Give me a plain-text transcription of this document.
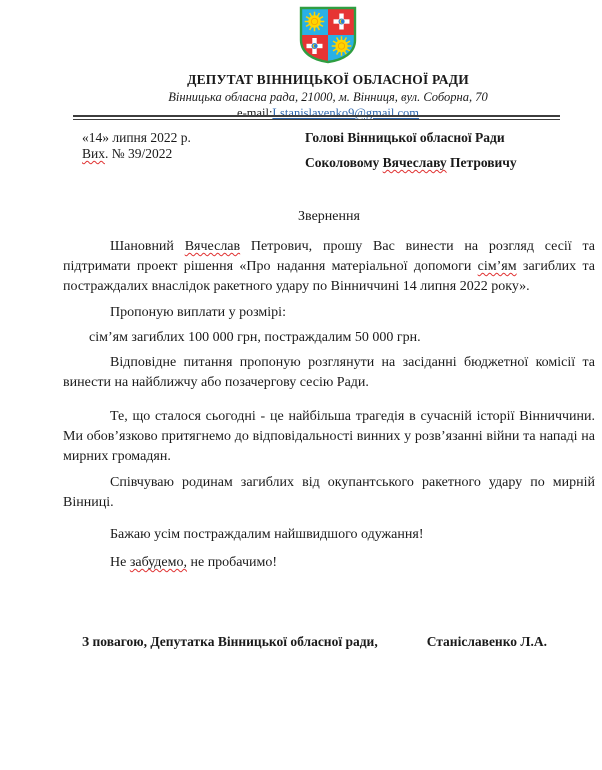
ДЕПУТАТ ВІННИЦЬКОЇ ОБЛАСНОЇ РАДИ
Вінницька обласна рада, 21000, м. Вінниця, вул. Соборна, 70
e-mail:Lstanislavenko9@gmail.com
«14» липня 2022 р.
Вих. № 39/2022
Голові Вінницької обласної Ради
Соколовому Вячеславу Петровичу
Звернення

Шановний Вячеслав Петрович, прошу Вас винести на розгляд сесії та підтримати проект рішення «Про надання матеріальної допомоги сім’ям загиблих та постраждалих внаслідок ракетного удару по Вінниччині 14 липня 2022 року».

Пропоную виплати у розмірі:

сім’ям загиблих 100 000 грн, постраждалим 50 000 грн.

Відповідне питання пропоную розглянути на засіданні бюджетної комісії та винести на найближчу або позачергову сесію Ради.

Те, що сталося сьогодні - це найбільша трагедія в сучасній історії Вінниччини. Ми обов’язково притягнемо до відповідальності винних у розв’язанні війни та нападі на мирних громадян.

Співчуваю родинам загиблих від окупантського ракетного удару по мирній Вінниці.

Бажаю усім постраждалим найшвидшого одужання!

Не забудемо, не пробачимо!

З повагою, Депутатка Вінницької обласної ради,	Станіславенко Л.А.
